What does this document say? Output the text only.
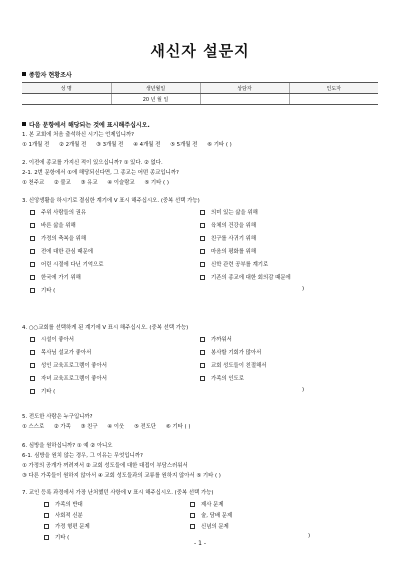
새신자 설문지
종합자 현황조사
성 명	생년월일	상담자	인도자
	20 년 월 일		
다음 문항에서 해당되는 것에 표시해주십시오.
1. 본 교회에 처음 출석하신 시기는 언제입니까?
① 1개월 전 ② 2개월 전 ③ 3개월 전 ④ 4개월 전 ⑤ 5개월 전 ⑥ 기타 ( )
2. 이전에 종교를 가지신 적이 있으십니까? ① 있다. ② 없다.
2-1. 2번 문항에서 ①에 해당되신다면, 그 종교는 어떤 종교입니까?
① 천주교 ② 불교 ③ 유교 ④ 이슬람교 ⑤ 기타 ( )
3. 신앙생활을 하시기로 결심한 계기에 V 표시 해주십시오. (중복 선택 가능)
주위 사람들의 권유
바른 삶을 위해
가정의 축복을 위해
전에 대한 관심 때문에
어린 시절에 다닌 기억으로
한국에 가기 위해
기타 (
의미 있는 삶을 위해
육체의 건강을 위해
친구를 사귀기 위해
마음의 평화를 위해
신학 관련 공부를 계기로
기존의 종교에 대한 회의감 때문에
)
4. ○○교회를 선택하게 된 계기에 V 표시 해주십시오. (중복 선택 가능)
시설이 좋아서
목사님 설교가 좋아서
성인 교육프로그램이 좋아서
자녀 교육프로그램이 좋아서
기타 (
가까워서
봉사할 기회가 많아서
교회 성도들이 친절해서
가족의 인도로
)
5. 전도한 사람은 누구입니까?
① 스스로 ② 가족 ③ 친구 ④ 이웃 ⑤ 전도단 ⑥ 기타 ( )
6. 심방을 원하십니까? ① 예 ② 아니오
6-1. 심방을 원치 않는 경우, 그 이유는 무엇입니까?
① 가정의 공개가 꺼려져서 ② 교회 성도들에 대한 대접이 부담스러워서
③ 다른 가족들이 원하지 않아서 ④ 교회 성도들과의 교류를 원하지 않아서 ⑤ 기타 ( )
7. 교인 등록 과정에서 가장 난처했던 사항에 V 표시 해주십시오. (중복 선택 가능)
가족의 반대
사회적 신분
가정 형편 문제
기타 (
제사 문제
술, 담배 문제
신념의 문제
)
- 1 -
